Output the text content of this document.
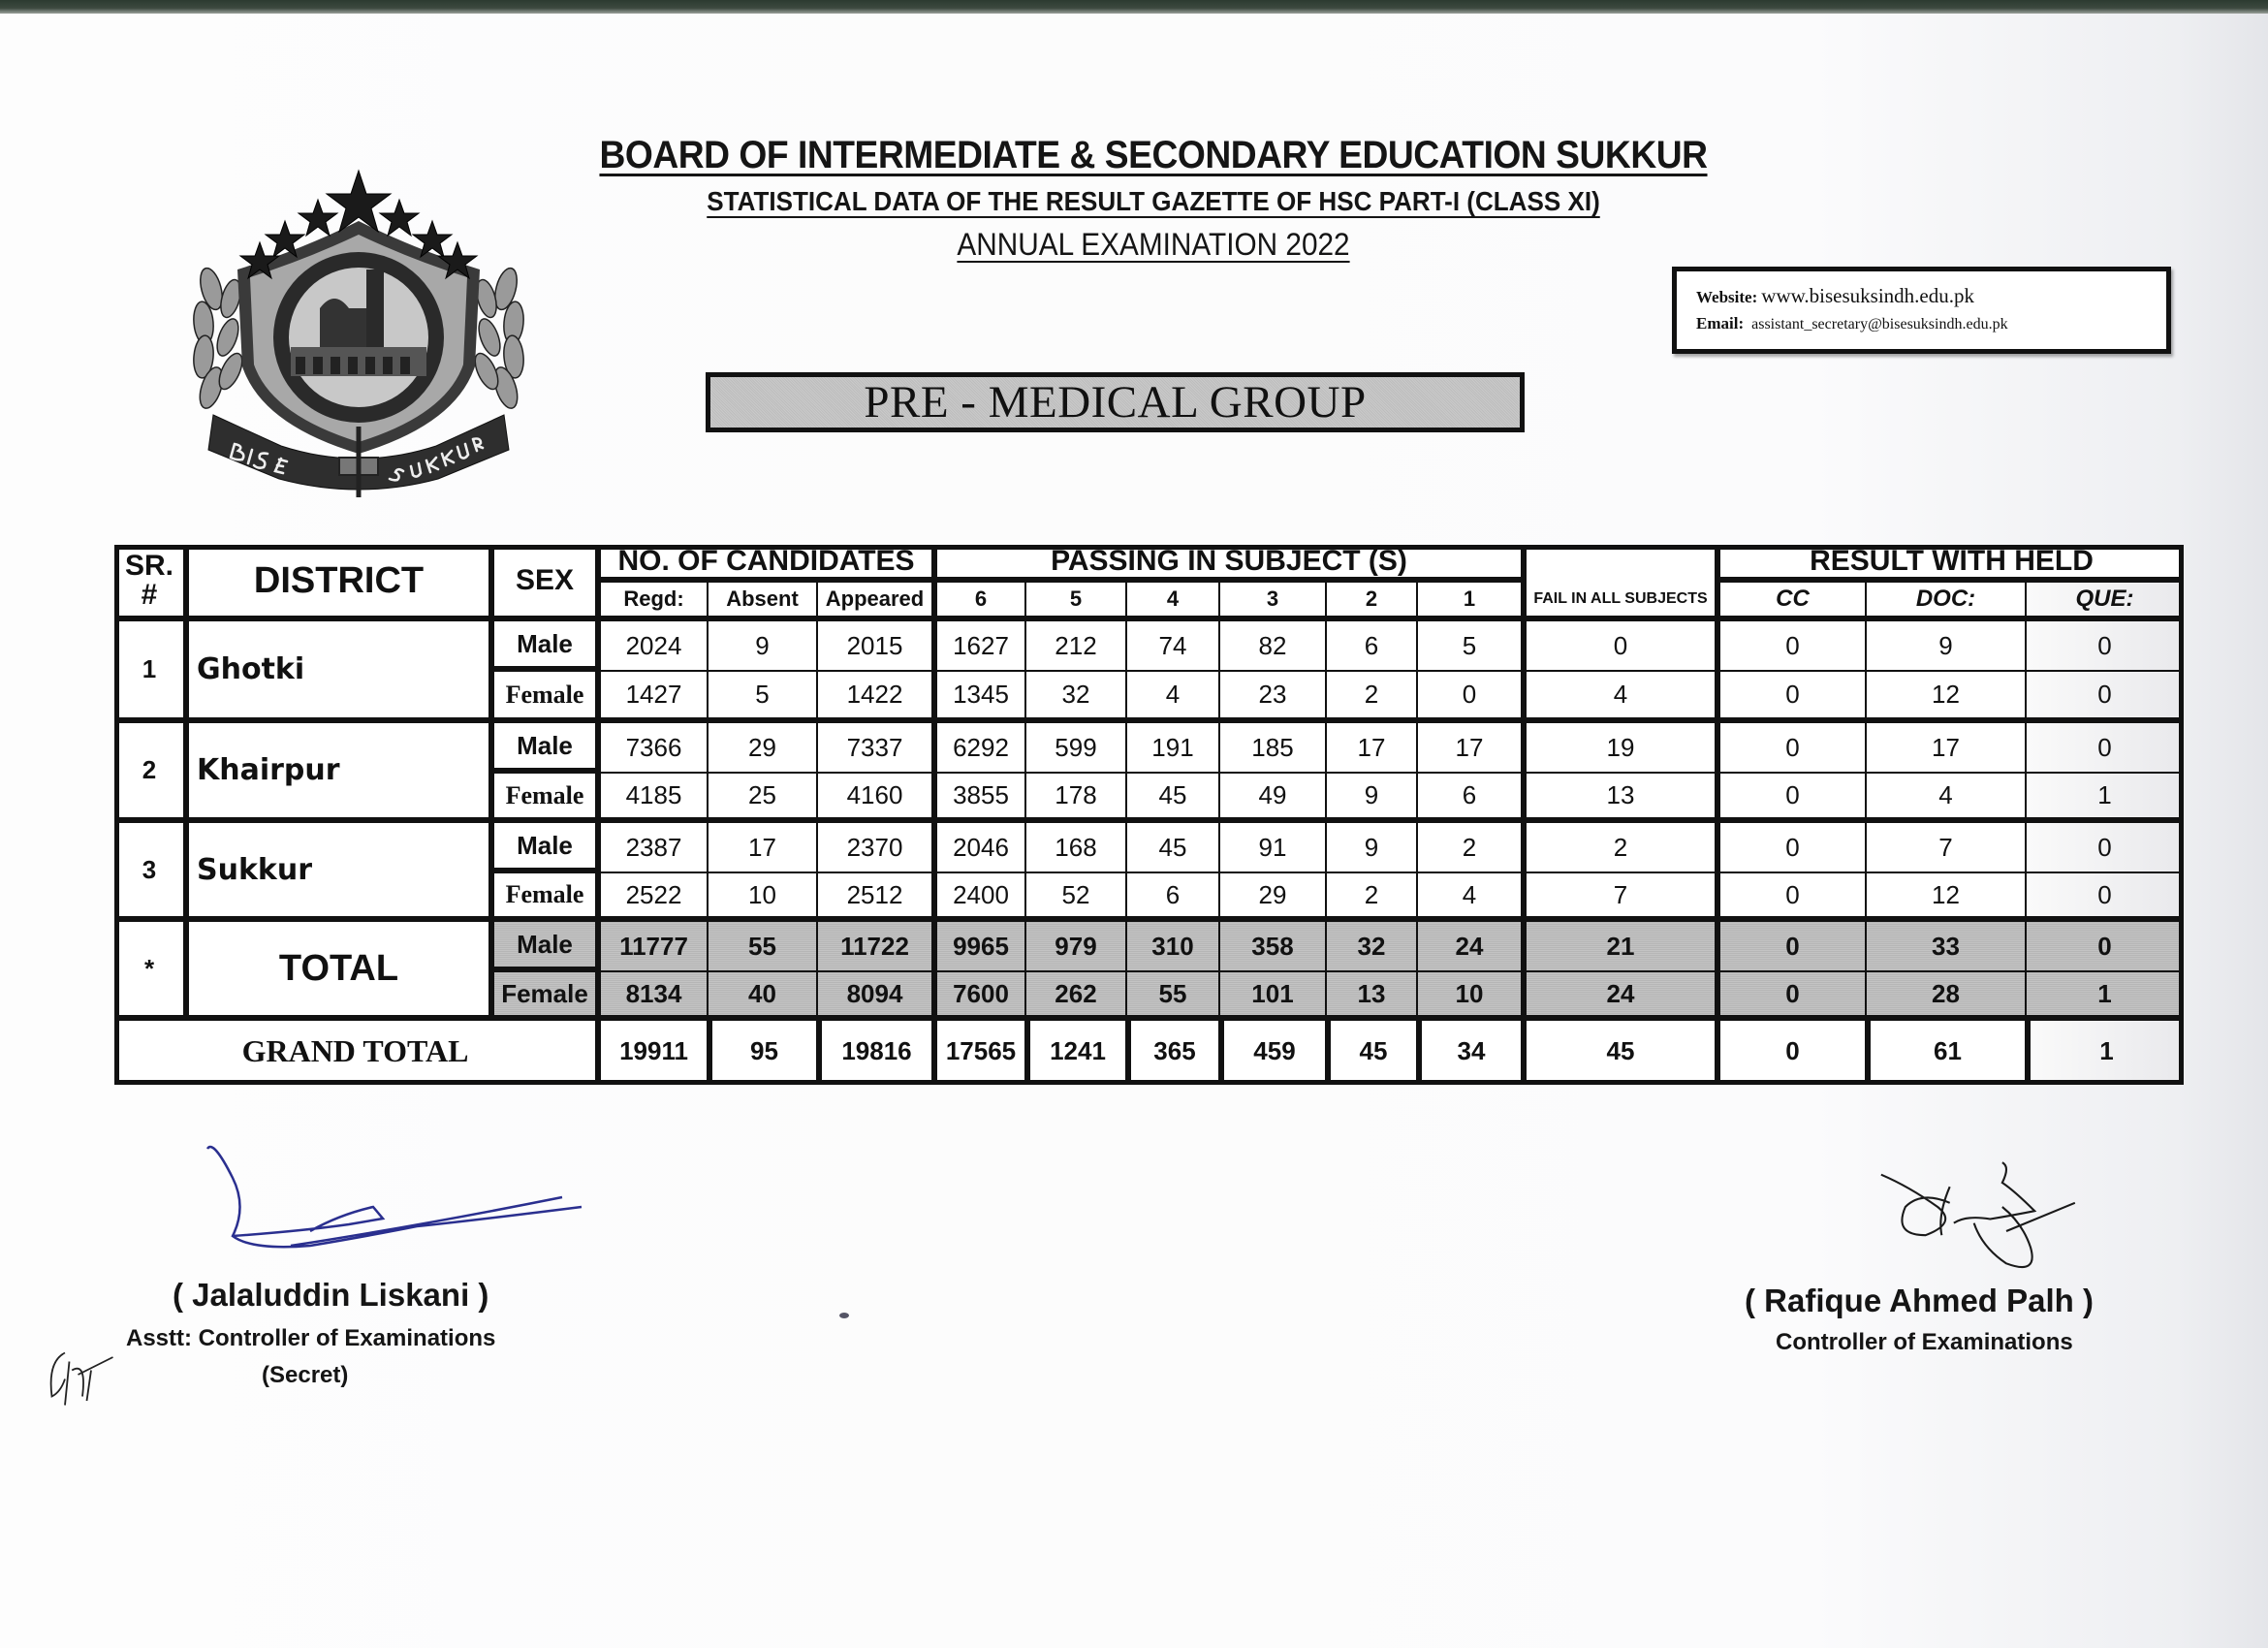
BOARD OF INTERMEDIATE & SECONDARY EDUCATION SUKKUR
STATISTICAL DATA OF THE RESULT GAZETTE OF HSC PART-I (CLASS XI)
ANNUAL EXAMINATION 2022
Website: www.bisesuksindh.edu.pk
Email: assistant_secretary@bisesuksindh.edu.pk
PRE - MEDICAL GROUP
SR.
#	DISTRICT	SEX
NO. OF CANDIDATES
Regd:	Absent	Appeared
PASSING IN SUBJECT (S)
6	5	4	3	2	1	FAIL IN ALL SUBJECTS
RESULT WITH HELD
CC	DOC:	QUE:
1	Ghotki
Male	2024	9	2015	1627	212	74	82	6	5	0	0	9	0
Female	1427	5	1422	1345	32	4	23	2	0	4	0	12	0
2	Khairpur
Male	7366	29	7337	6292	599	191	185	17	17	19	0	17	0
Female	4185	25	4160	3855	178	45	49	9	6	13	0	4	1
3	Sukkur
Male	2387	17	2370	2046	168	45	91	9	2	2	0	7	0
Female	2522	10	2512	2400	52	6	29	2	4	7	0	12	0
*	TOTAL
Male	11777	55	11722	9965	979	310	358	32	24	21	0	33	0
Female	8134	40	8094	7600	262	55	101	13	10	24	0	28	1
GRAND TOTAL	19911	95	19816	17565	1241	365	459	45	34	45	0	61	1
( Jalaluddin Liskani )
Asstt: Controller of Examinations
(Secret)
( Rafique Ahmed Palh )
Controller of Examinations
